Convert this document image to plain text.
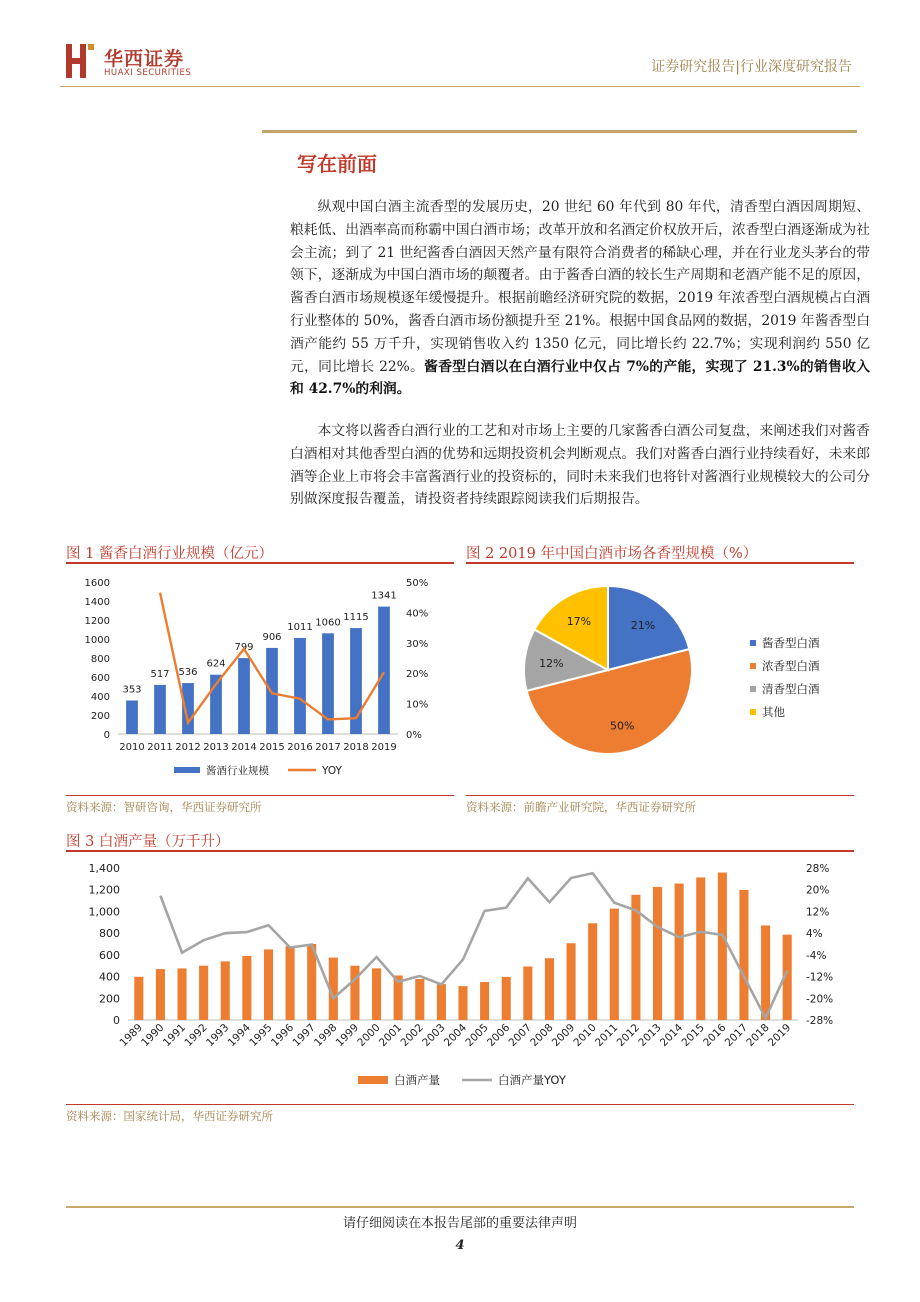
华西证券
HUAXI SECURITIES	证券研究报告|行业深度研究报告
写在前面
纵观中国白酒主流香型的发展历史，20 世纪 60 年代到 80 年代，清香型白酒因周期短、粮耗低、出酒率高而称霸中国白酒市场；改革开放和名酒定价权放开后，浓香型白酒逐渐成为社会主流；到了 21 世纪酱香白酒因天然产量有限符合消费者的稀缺心理，并在行业龙头茅台的带领下，逐渐成为中国白酒市场的颠覆者。由于酱香白酒的较长生产周期和老酒产能不足的原因，酱香白酒市场规模逐年缓慢提升。根据前瞻经济研究院的数据，2019 年浓香型白酒规模占白酒行业整体的 50%，酱香白酒市场份额提升至 21%。根据中国食品网的数据，2019 年酱香型白酒产能约 55 万千升，实现销售收入约 1350 亿元，同比增长约 22.7%；实现利润约 550 亿元，同比增长 22%。酱香型白酒以在白酒行业中仅占 7%的产能，实现了 21.3%的销售收入和 42.7%的利润。
本文将以酱香白酒行业的工艺和对市场上主要的几家酱香白酒公司复盘，来阐述我们对酱香白酒相对其他香型白酒的优势和远期投资机会判断观点。我们对酱香白酒行业持续看好，未来郎酒等企业上市将会丰富酱酒行业的投资标的，同时未来我们也将针对酱酒行业规模较大的公司分别做深度报告覆盖，请投资者持续跟踪阅读我们后期报告。
图 1 酱香白酒行业规模（亿元）
0
200
400
600
800
1000
1200
1400
1600
0%
10%
20%
30%
40%
50%
353
2010
517
2011
536
2012
624
2013
799
2014
906
2015
1011
2016
1060
2017
1115
2018
1341
2019
酱酒行业规模	YOY
资料来源：智研咨询，华西证券研究所
图 2 2019 年中国白酒市场各香型规模（%）
21%
50%
12%
17%
酱香型白酒
浓香型白酒
清香型白酒
其他
资料来源：前瞻产业研究院，华西证券研究所
图 3 白酒产量（万千升）
0
200
400
600
800
1,000
1,200
1,400
-28%
-20%
-12%
-4%
4%
12%
20%
28%
1989
1990
1991
1992
1993
1994
1995
1996
1997
1998
1999
2000
2001
2002
2003
2004
2005
2006
2007
2008
2009
2010
2011
2012
2013
2014
2015
2016
2017
2018
2019
白酒产量	白酒产量YOY
资料来源：国家统计局，华西证券研究所
请仔细阅读在本报告尾部的重要法律声明
4
